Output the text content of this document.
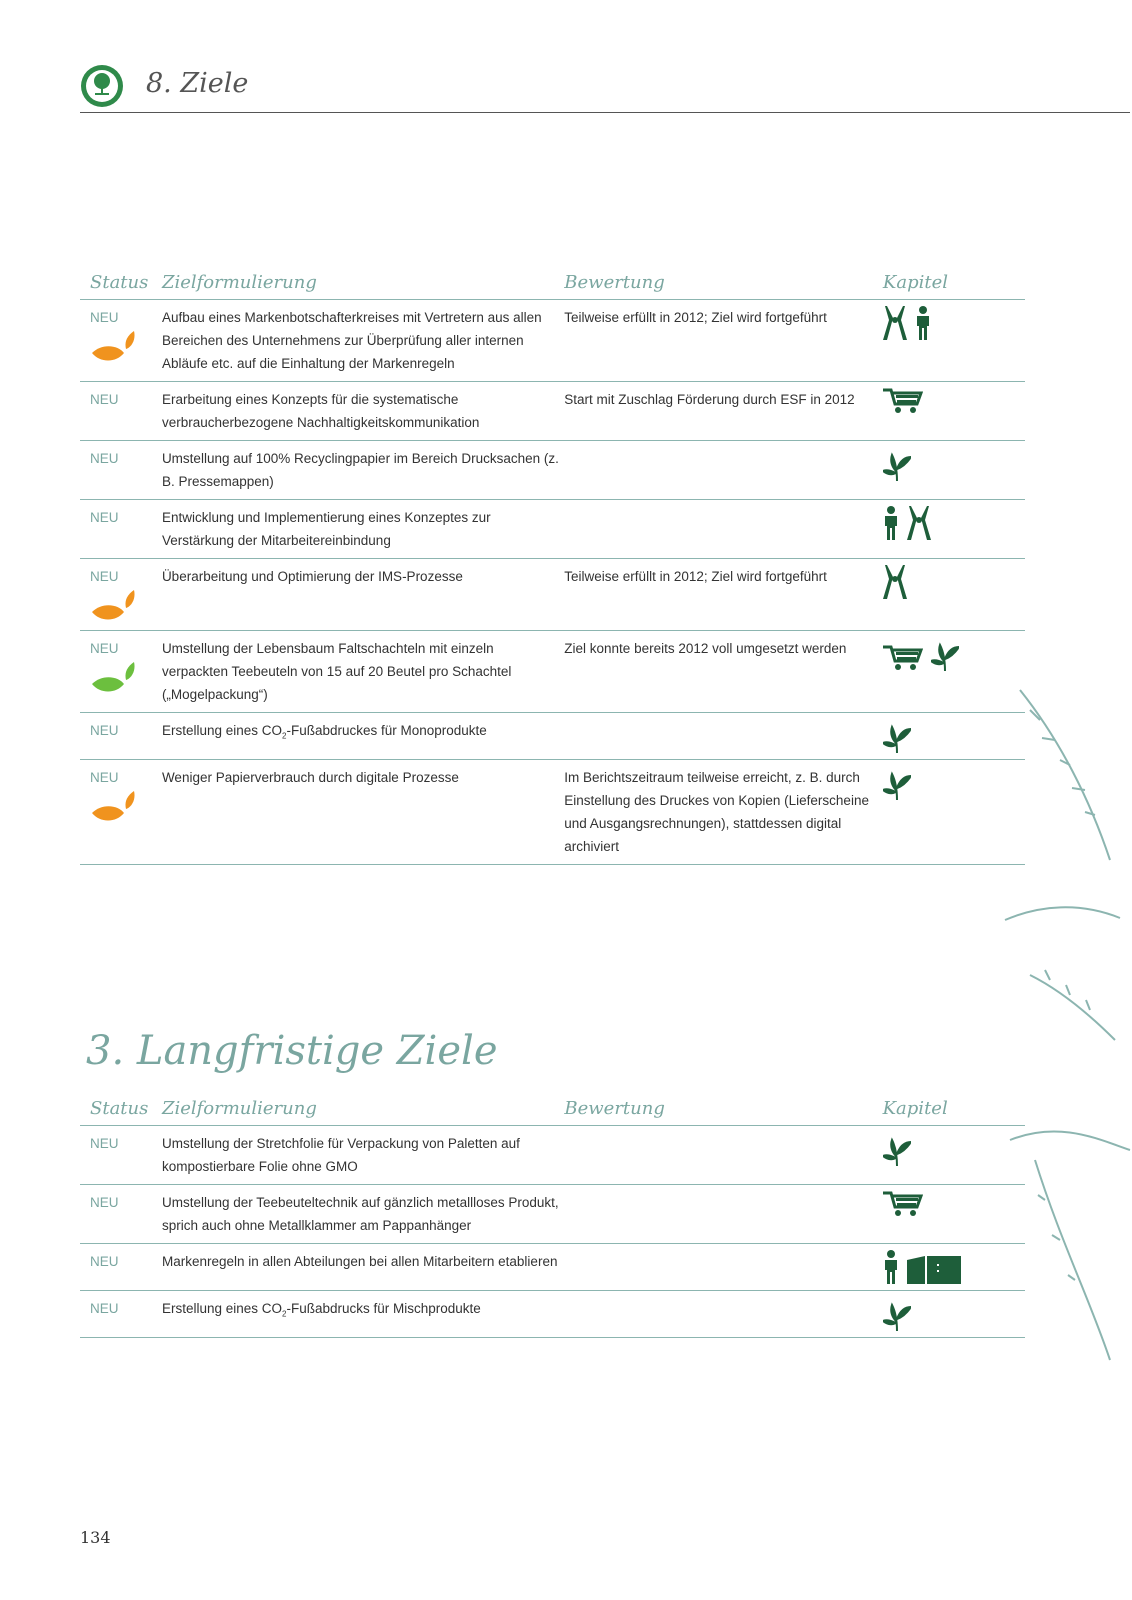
8. Ziele
Status	Zielformulierung	Bewertung	Kapitel

NEU	Aufbau eines Markenbotschafterkreises mit Vertretern aus allen Bereichen des Unternehmens zur Überprüfung aller internen Abläufe etc. auf die Einhaltung der Markenregeln	Teilweise erfüllt in 2012; Ziel wird fortgeführt	

NEU	Erarbeitung eines Konzepts für die systematische verbraucherbezogene Nachhaltigkeitskommunikation	Start mit Zuschlag Förderung durch ESF in 2012	

NEU	Umstellung auf 100% Recyclingpapier im Bereich Drucksachen (z. B. Pressemappen)		

NEU	Entwicklung und Implementierung eines Konzeptes zur Verstärkung der Mitarbeitereinbindung		

NEU	Überarbeitung und Optimierung der IMS-Prozesse	Teilweise erfüllt in 2012; Ziel wird fortgeführt	

NEU	Umstellung der Lebensbaum Faltschachteln mit einzeln verpackten Teebeuteln von 15 auf 20 Beutel pro Schachtel („Mogelpackung“)	Ziel konnte bereits 2012 voll umgesetzt werden	

NEU	Erstellung eines $CO_2$-Fußabdruckes für Monoprodukte		

NEU	Weniger Papierverbrauch durch digitale Prozesse	Im Berichtszeitraum teilweise erreicht, z. B. durch Einstellung des Druckes von Kopien (Lieferscheine und Ausgangsrechnungen), stattdessen digital archiviert	
3. Langfristige Ziele
Status	Zielformulierung	Bewertung	Kapitel

NEU	Umstellung der Stretchfolie für Verpackung von Paletten auf kompostierbare Folie ohne GMO		

NEU	Umstellung der Teebeuteltechnik auf gänzlich metallloses Produkt, sprich auch ohne Metallklammer am Pappanhänger		

NEU	Markenregeln in allen Abteilungen bei allen Mitarbeitern etablieren		

NEU	Erstellung eines $CO_2$-Fußabdrucks für Mischprodukte		
134
